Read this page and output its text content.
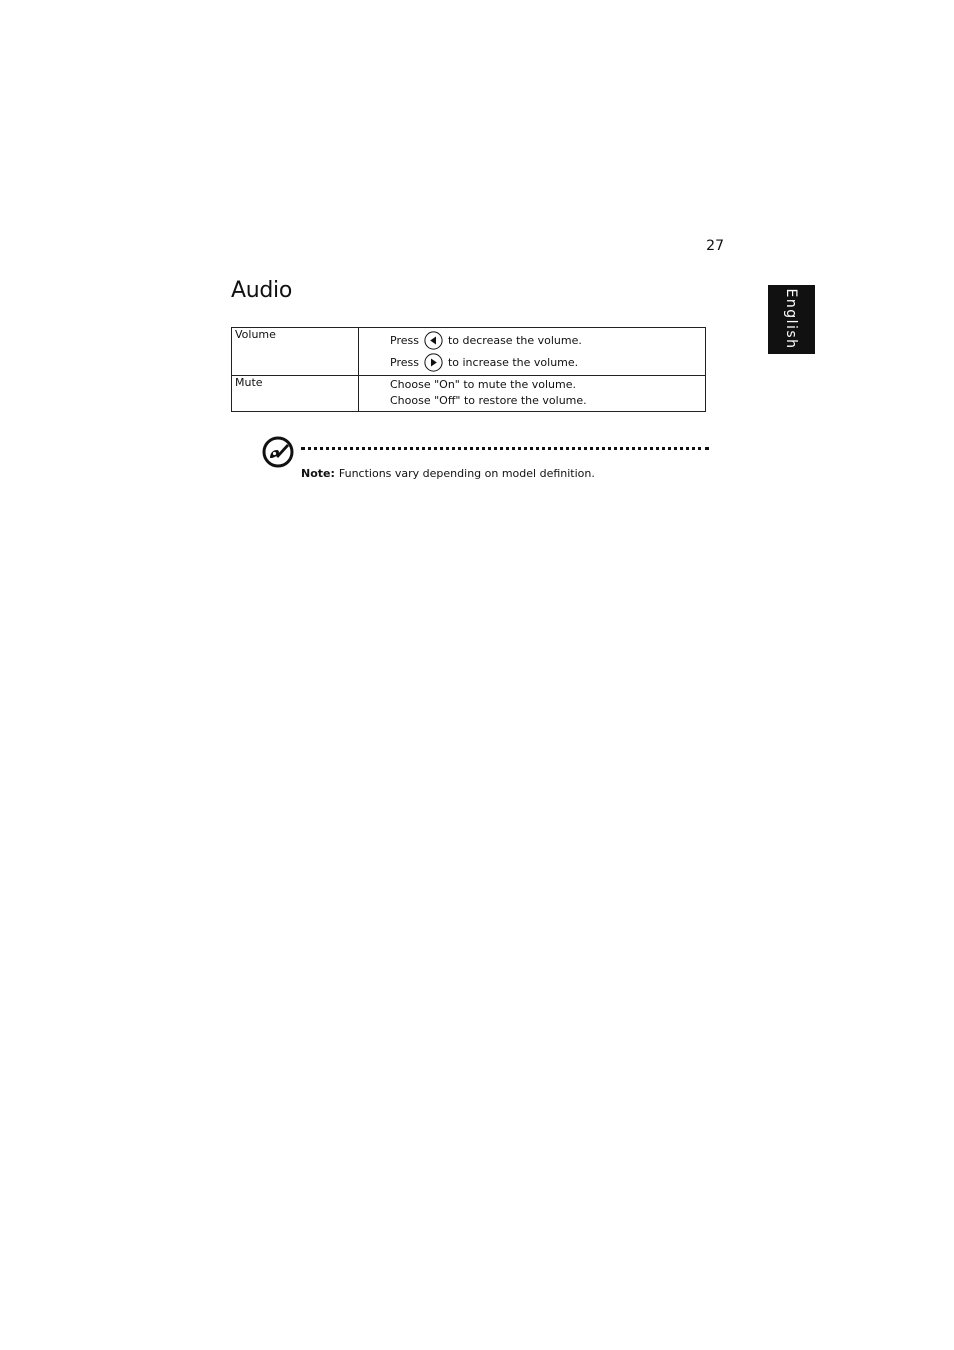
27
English
Audio
Volume	Press to decrease the volume.
Press to increase the volume.

Mute	Choose "On" to mute the volume.
Choose "Off" to restore the volume.
Note: Functions vary depending on model definition.
